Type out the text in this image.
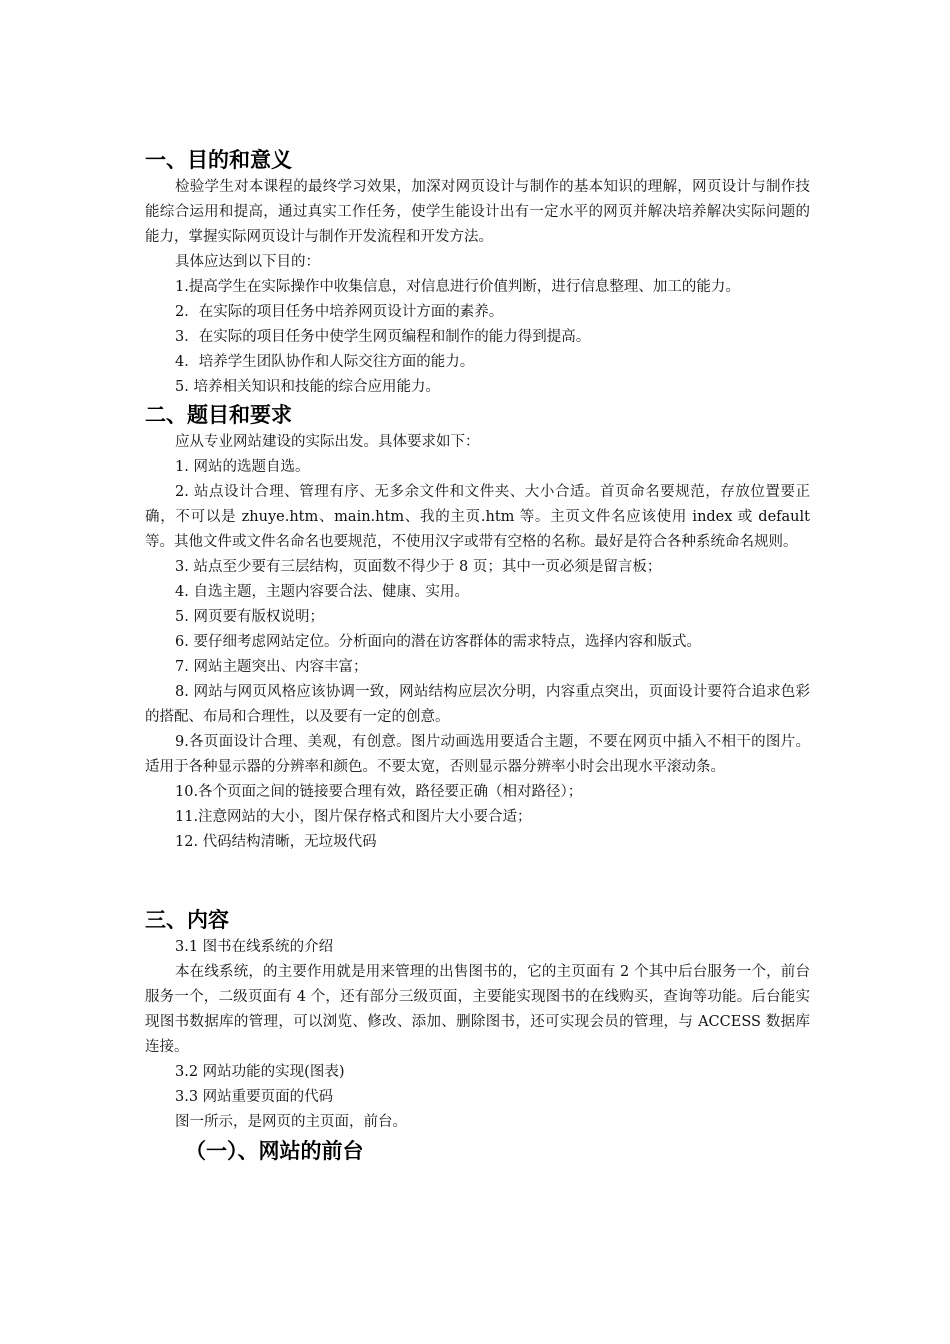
一、目的和意义

检验学生对本课程的最终学习效果，加深对网页设计与制作的基本知识的理解，网页设计与制作技能综合运用和提高，通过真实工作任务，使学生能设计出有一定水平的网页并解决培养解决实际问题的能力，掌握实际网页设计与制作开发流程和开发方法。

具体应达到以下目的：

1.提高学生在实际操作中收集信息，对信息进行价值判断，进行信息整理、加工的能力。

2．在实际的项目任务中培养网页设计方面的素养。

3．在实际的项目任务中使学生网页编程和制作的能力得到提高。

4．培养学生团队协作和人际交往方面的能力。

5. 培养相关知识和技能的综合应用能力。

二、题目和要求

应从专业网站建设的实际出发。具体要求如下：

1. 网站的选题自选。

2. 站点设计合理、管理有序、无多余文件和文件夹、大小合适。首页命名要规范，存放位置要正确，不可以是 zhuye.htm、main.htm、我的主页.htm 等。主页文件名应该使用 index 或 default 等。其他文件或文件名命名也要规范，不使用汉字或带有空格的名称。最好是符合各种系统命名规则。

3. 站点至少要有三层结构，页面数不得少于 8 页；其中一页必须是留言板；

4. 自选主题，主题内容要合法、健康、实用。

5. 网页要有版权说明；

6. 要仔细考虑网站定位。分析面向的潜在访客群体的需求特点，选择内容和版式。

7. 网站主题突出、内容丰富；

8. 网站与网页风格应该协调一致，网站结构应层次分明，内容重点突出，页面设计要符合追求色彩的搭配、布局和合理性，以及要有一定的创意。

9.各页面设计合理、美观，有创意。图片动画选用要适合主题，不要在网页中插入不相干的图片。适用于各种显示器的分辨率和颜色。不要太宽，否则显示器分辨率小时会出现水平滚动条。

10.各个页面之间的链接要合理有效，路径要正确（相对路径）；

11.注意网站的大小，图片保存格式和图片大小要合适；

12. 代码结构清晰，无垃圾代码

三、内容

3.1 图书在线系统的介绍

本在线系统，的主要作用就是用来管理的出售图书的，它的主页面有 2 个其中后台服务一个，前台服务一个，二级页面有 4 个，还有部分三级页面，主要能实现图书的在线购买，查询等功能。后台能实现图书数据库的管理，可以浏览、修改、添加、删除图书，还可实现会员的管理，与 ACCESS 数据库连接。

3.2 网站功能的实现(图表)

3.3 网站重要页面的代码

图一所示，是网页的主页面，前台。

（一）、网站的前台
